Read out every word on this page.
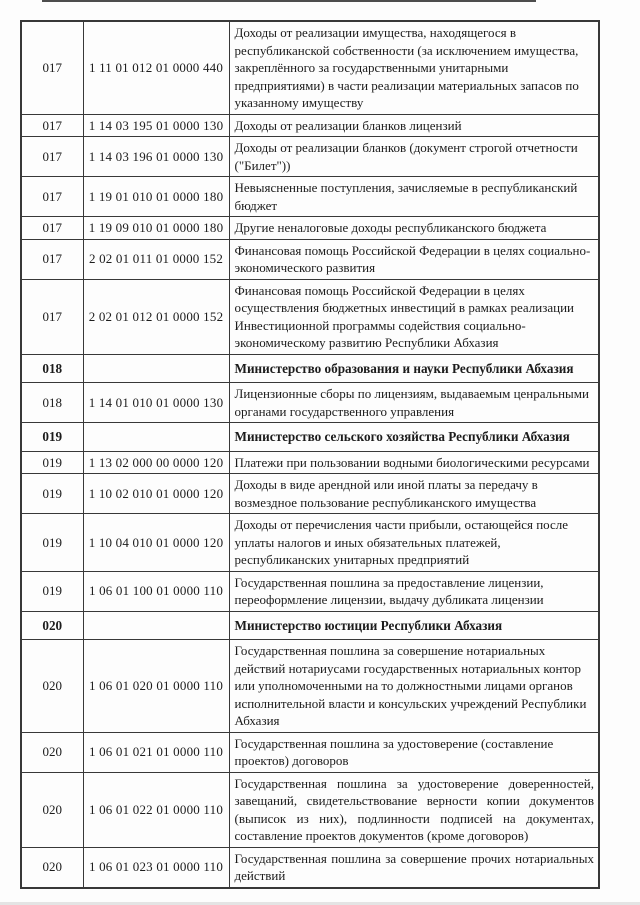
017	1 11 01 012 01 0000 440	Доходы от реализации имущества, находящегося в республиканской собственности (за исключением имущества, закреплённого за государственными унитарными предприятиями) в части реализации материальных запасов по указанному имуществу
017	1 14 03 195 01 0000 130	Доходы от реализации бланков лицензий
017	1 14 03 196 01 0000 130	Доходы от реализации бланков (документ строгой отчетности ("Билет"))
017	1 19 01 010 01 0000 180	Невыясненные поступления, зачисляемые в республиканский бюджет
017	1 19 09 010 01 0000 180	Другие неналоговые доходы республиканского бюджета
017	2 02 01 011 01 0000 152	Финансовая помощь Российской Федерации в целях социально-экономического развития
017	2 02 01 012 01 0000 152	Финансовая помощь Российской Федерации в целях осуществления бюджетных инвестиций в рамках реализации Инвестиционной программы содействия социально-экономическому развитию Республики Абхазия
018		Министерство образования и науки Республики Абхазия
018	1 14 01 010 01 0000 130	Лицензионные сборы по лицензиям, выдаваемым ценральными органами государственного управления
019		Министерство сельского хозяйства Республики Абхазия
019	1 13 02 000 00 0000 120	Платежи при пользовании водными биологическими ресурсами
019	1 10 02 010 01 0000 120	Доходы в виде арендной или иной платы за передачу в возмездное пользование республиканского имущества
019	1 10 04 010 01 0000 120	Доходы от перечисления части прибыли, остающейся после уплаты налогов и иных обязательных платежей, республиканских унитарных предприятий
019	1 06 01 100 01 0000 110	Государственная пошлина за предоставление лицензии, переоформление лицензии, выдачу дубликата лицензии
020		Министерство юстиции Республики Абхазия
020	1 06 01 020 01 0000 110	Государственная пошлина за совершение нотариальных действий нотариусами государственных нотариальных контор или уполномоченными на то должностными лицами органов исполнительной власти и консульских учреждений Республики Абхазия
020	1 06 01 021 01 0000 110	Государственная пошлина за удостоверение (составление проектов) договоров
020	1 06 01 022 01 0000 110	Государственная пошлина за удостоверение доверенностей, завещаний, свидетельствование верности копии документов (выписок из них), подлинности подписей на документах, составление проектов документов (кроме договоров)
020	1 06 01 023 01 0000 110	Государственная пошлина за совершение прочих нотариальных действий
